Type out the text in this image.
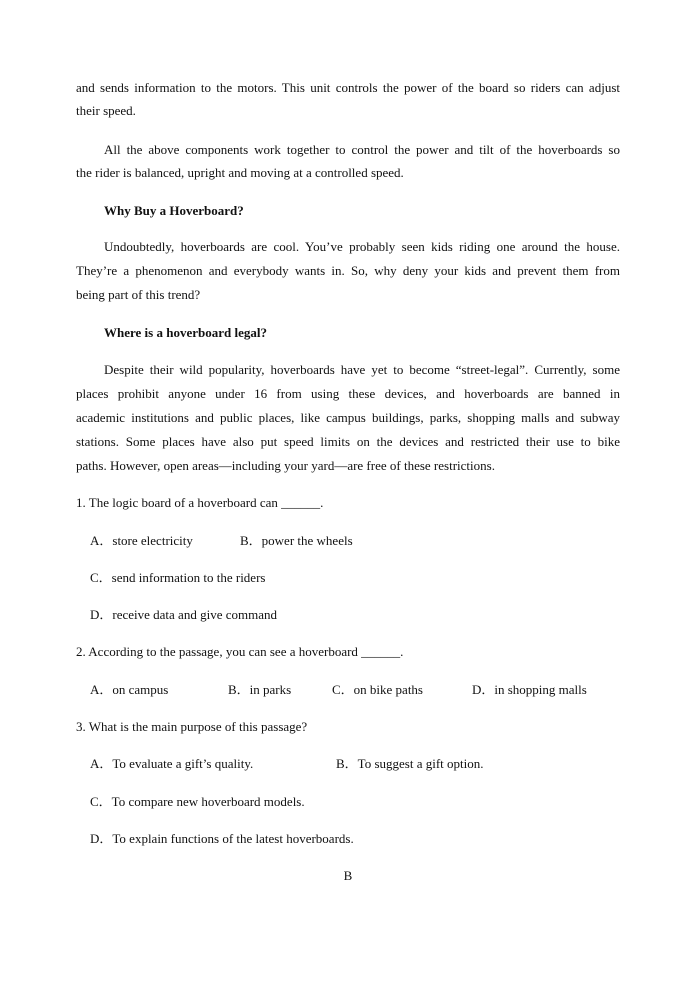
and sends information to the motors. This unit controls the power of the board so riders can adjust
their speed.
All the above components work together to control the power and tilt of the hoverboards so
the rider is balanced, upright and moving at a controlled speed.
Why Buy a Hoverboard?
Undoubtedly, hoverboards are cool. You’ve probably seen kids riding one around the house.
They’re a phenomenon and everybody wants in. So, why deny your kids and prevent them from
being part of this trend?
Where is a hoverboard legal?
Despite their wild popularity, hoverboards have yet to become “street-legal”. Currently, some
places prohibit anyone under 16 from using these devices, and hoverboards are banned in
academic institutions and public places, like campus buildings, parks, shopping malls and subway
stations. Some places have also put speed limits on the devices and restricted their use to bike
paths. However, open areas—including your yard—are free of these restrictions.
1. The logic board of a hoverboard can ______.
A．store electricity	B．power the wheels
C．send information to the riders
D．receive data and give command
2. According to the passage, you can see a hoverboard ______.
A．on campus	B．in parks	C．on bike paths	D．in shopping malls
3. What is the main purpose of this passage?
A．To evaluate a gift’s quality.	B．To suggest a gift option.
C．To compare new hoverboard models.
D．To explain functions of the latest hoverboards.
B
